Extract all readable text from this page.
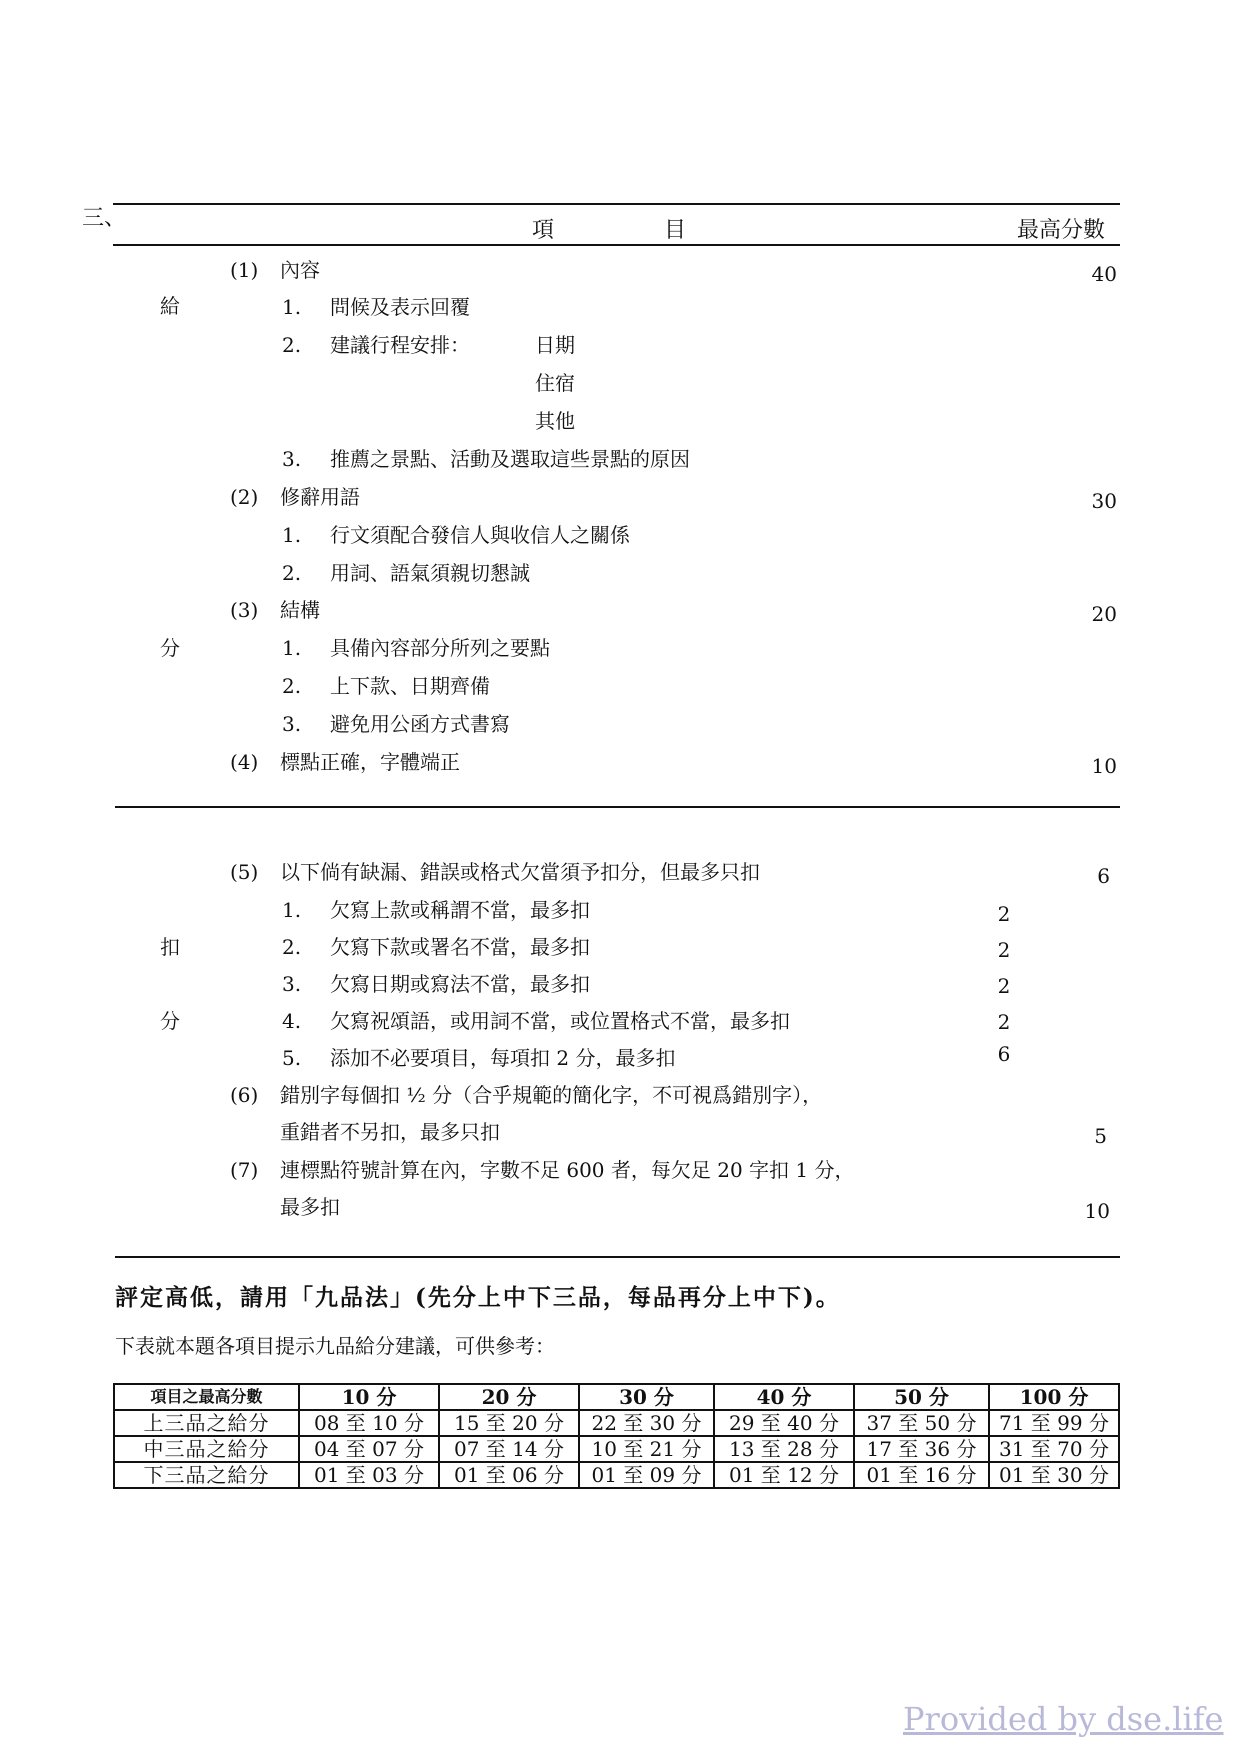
三、	項　　　　　目	最高分數
給
分
(1) 內容	40
1. 問候及表示回覆
2. 建議行程安排：	日期
住宿
其他
3. 推薦之景點、活動及選取這些景點的原因
(2) 修辭用語	30
1. 行文須配合發信人與收信人之關係
2. 用詞、語氣須親切懇誠
(3) 結構	20
1. 具備內容部分所列之要點
2. 上下款、日期齊備
3. 避免用公函方式書寫
(4) 標點正確，字體端正	10
扣
分
(5) 以下倘有缺漏、錯誤或格式欠當須予扣分，但最多只扣	6
1. 欠寫上款或稱謂不當，最多扣	2
2. 欠寫下款或署名不當，最多扣	2
3. 欠寫日期或寫法不當，最多扣	2
4. 欠寫祝頌語，或用詞不當，或位置格式不當，最多扣	2
5. 添加不必要項目，每項扣 2 分，最多扣	6
(6) 錯別字每個扣 ½ 分（合乎規範的簡化字，不可視爲錯別字），
重錯者不另扣，最多只扣	5
(7) 連標點符號計算在內，字數不足 600 者，每欠足 20 字扣 1 分，
最多扣	10
評定高低，請用「九品法」(先分上中下三品，每品再分上中下)。
下表就本題各項目提示九品給分建議，可供參考：
項目之最高分數	10 分	20 分	30 分	40 分	50 分	100 分
上三品之給分	08 至 10 分	15 至 20 分	22 至 30 分	29 至 40 分	37 至 50 分	71 至 99 分
中三品之給分	04 至 07 分	07 至 14 分	10 至 21 分	13 至 28 分	17 至 36 分	31 至 70 分
下三品之給分	01 至 03 分	01 至 06 分	01 至 09 分	01 至 12 分	01 至 16 分	01 至 30 分
Provided by dse.life
